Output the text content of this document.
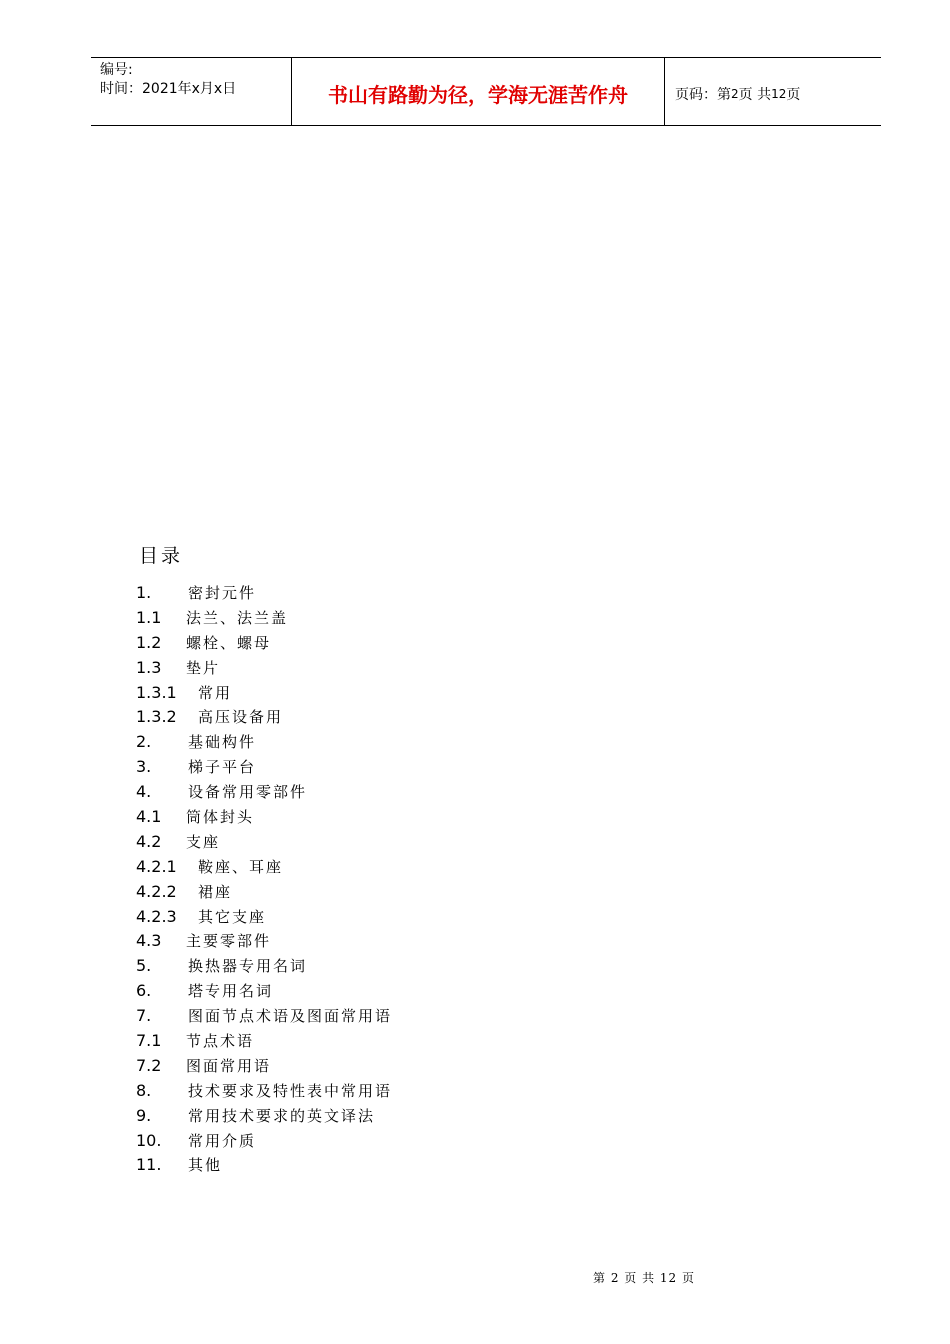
编号:
时间：2021年x月x日	书山有路勤为径，学海无涯苦作舟	页码：第 2 页 共 12 页
目录
1.	密封元件
1.1	法兰、法兰盖
1.2	螺栓、螺母
1.3	垫片
1.3.1	常用
1.3.2	高压设备用
2.	基础构件
3.	梯子平台
4.	设备常用零部件
4.1	筒体封头
4.2	支座
4.2.1	鞍座、耳座
4.2.2	裙座
4.2.3	其它支座
4.3	主要零部件
5.	换热器专用名词
6.	塔专用名词
7.	图面节点术语及图面常用语
7.1	节点术语
7.2	图面常用语
8.	技术要求及特性表中常用语
9.	常用技术要求的英文译法
10.	常用介质
11.	其他
第 2 页 共 12 页
